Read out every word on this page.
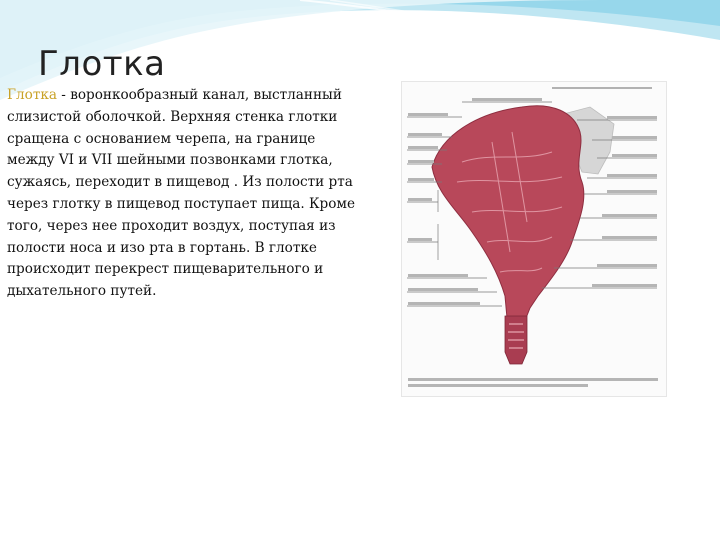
Глотка
Глотка - воронкообразный канал, выстланный слизистой оболочкой. Верхняя стенка глотки сращена с основанием черепа, на границе между VI и VII шейными позвонками глотка, сужаясь, переходит в пищевод . Из полости рта через глотку в пищевод поступает пища. Кроме того, через нее проходит воздух, поступая из полости носа и изо рта в гортань. В глотке происходит перекрест пищеварительного и дыхательного путей.
